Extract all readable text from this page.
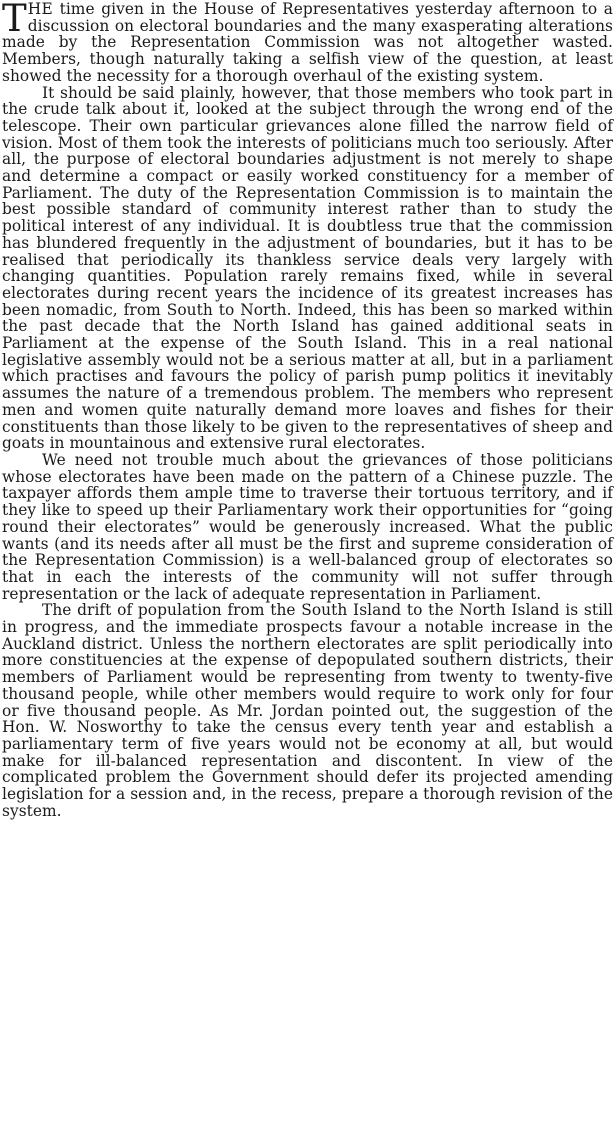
THE time given in the House of Representatives yesterday afternoon to a discussion on electoral boundaries and the many exasperating alterations made by the Representation Commission was not altogether wasted. Members, though naturally taking a selfish view of the question, at least showed the necessity for a thorough overhaul of the existing system.

It should be said plainly, however, that those members who took part in the crude talk about it, looked at the subject through the wrong end of the telescope. Their own particular grievances alone filled the narrow field of vision. Most of them took the interests of politicians much too seriously. After all, the purpose of electoral boundaries adjustment is not merely to shape and determine a compact or easily worked constituency for a member of Parliament. The duty of the Representation Commission is to maintain the best possible standard of community interest rather than to study the political interest of any individual. It is doubtless true that the commission has blundered frequently in the adjustment of boundaries, but it has to be realised that periodically its thankless service deals very largely with changing quantities. Population rarely remains fixed, while in several electorates during recent years the incidence of its greatest increases has been nomadic, from South to North. Indeed, this has been so marked within the past decade that the North Island has gained additional seats in Parliament at the expense of the South Island. This in a real national legislative assembly would not be a serious matter at all, but in a parliament which practises and favours the policy of parish pump politics it inevitably assumes the nature of a tremendous problem. The members who represent men and women quite naturally demand more loaves and fishes for their constituents than those likely to be given to the representatives of sheep and goats in mountainous and extensive rural electorates.

We need not trouble much about the grievances of those politicians whose electorates have been made on the pattern of a Chinese puzzle. The taxpayer affords them ample time to traverse their tortuous territory, and if they like to speed up their Parliamentary work their opportunities for “going round their electorates” would be generously increased. What the public wants (and its needs after all must be the first and supreme consideration of the Representation Commission) is a well-balanced group of electorates so that in each the interests of the community will not suffer through representation or the lack of adequate representation in Parliament.

The drift of population from the South Island to the North Island is still in progress, and the immediate prospects favour a notable increase in the Auckland district. Unless the northern electorates are split periodically into more constituencies at the expense of depopulated southern districts, their members of Parliament would be representing from twenty to twenty-five thousand people, while other members would require to work only for four or five thousand people. As Mr. Jordan pointed out, the suggestion of the Hon. W. Nosworthy to take the census every tenth year and establish a parliamentary term of five years would not be economy at all, but would make for ill-balanced representation and discontent. In view of the complicated problem the Government should defer its projected amending legislation for a session and, in the recess, prepare a thorough revision of the system.
